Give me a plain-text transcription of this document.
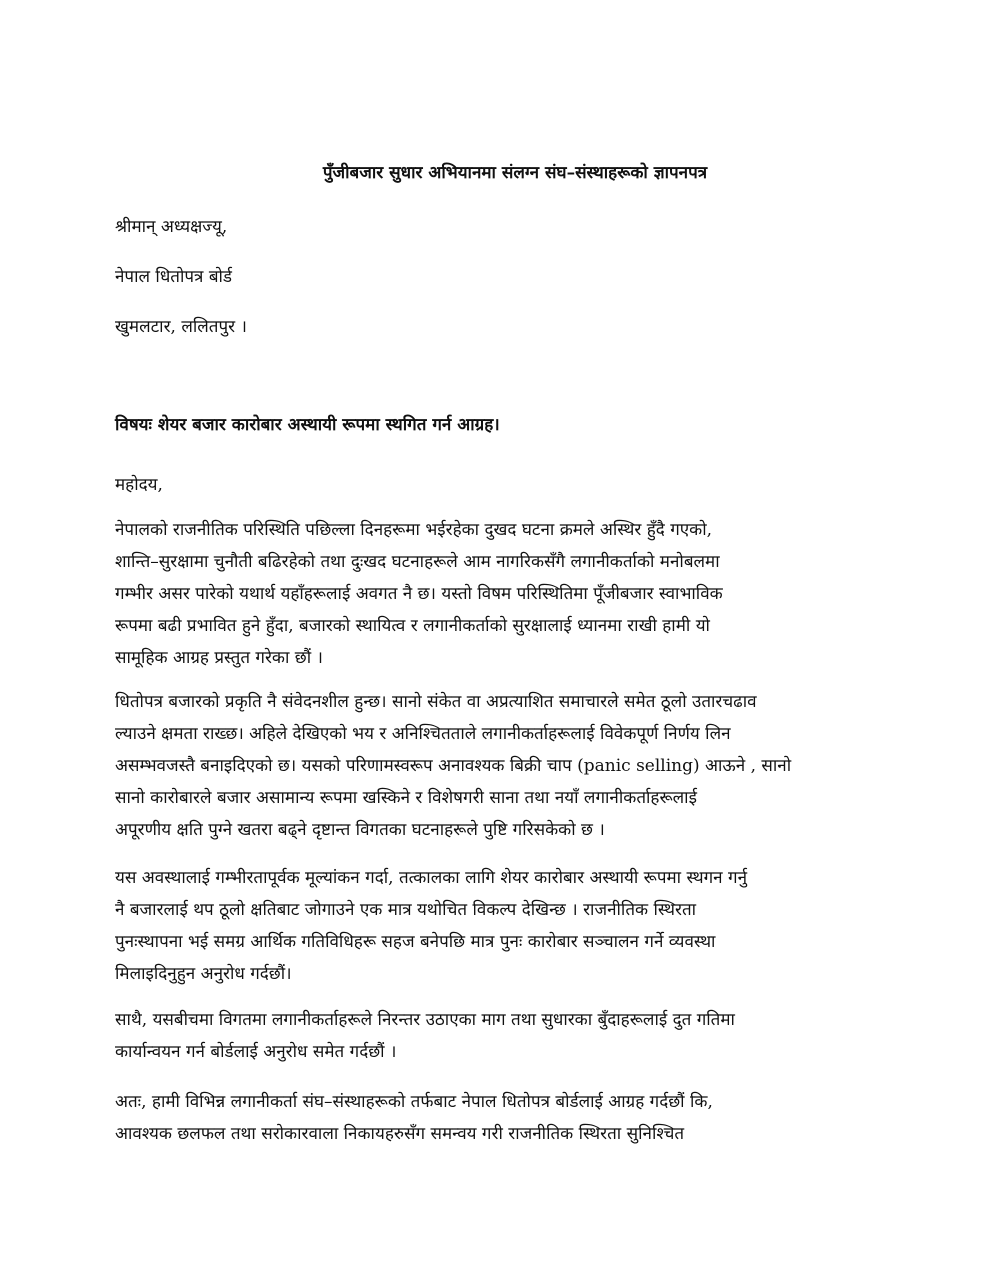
पुँजीबजार सुधार अभियानमा संलग्न संघ–संस्थाहरूको ज्ञापनपत्र
श्रीमान् अध्यक्षज्यू,
नेपाल धितोपत्र बोर्ड
खुमलटार, ललितपुर ।
विषयः शेयर बजार कारोबार अस्थायी रूपमा स्थगित गर्न आग्रह।
महोदय,
नेपालको राजनीतिक परिस्थिति पछिल्ला दिनहरूमा भईरहेका दुखद घटना क्रमले अस्थिर हुँदै गएको,
शान्ति–सुरक्षामा चुनौती बढिरहेको तथा दुःखद घटनाहरूले आम नागरिकसँगै लगानीकर्ताको मनोबलमा
गम्भीर असर पारेको यथार्थ यहाँहरूलाई अवगत नै छ। यस्तो विषम परिस्थितिमा पूँजीबजार स्वाभाविक
रूपमा बढी प्रभावित हुने हुँदा, बजारको स्थायित्व र लगानीकर्ताको सुरक्षालाई ध्यानमा राखी हामी यो
सामूहिक आग्रह प्रस्तुत गरेका छौं ।
धितोपत्र बजारको प्रकृति नै संवेदनशील हुन्छ। सानो संकेत वा अप्रत्याशित समाचारले समेत ठूलो उतारचढाव
ल्याउने क्षमता राख्छ। अहिले देखिएको भय र अनिश्चितताले लगानीकर्ताहरूलाई विवेकपूर्ण निर्णय लिन
असम्भवजस्तै बनाइदिएको छ। यसको परिणामस्वरूप अनावश्यक बिक्री चाप (panic selling) आऊने , सानो
सानो कारोबारले बजार असामान्य रूपमा खस्किने र विशेषगरी साना तथा नयाँ लगानीकर्ताहरूलाई
अपूरणीय क्षति पुग्ने खतरा बढ्ने दृष्टान्त विगतका घटनाहरूले पुष्टि गरिसकेको छ ।
यस अवस्थालाई गम्भीरतापूर्वक मूल्यांकन गर्दा, तत्कालका लागि शेयर कारोबार अस्थायी रूपमा स्थगन गर्नु
नै बजारलाई थप ठूलो क्षतिबाट जोगाउने एक मात्र यथोचित विकल्प देखिन्छ । राजनीतिक स्थिरता
पुनःस्थापना भई समग्र आर्थिक गतिविधिहरू सहज बनेपछि मात्र पुनः कारोबार सञ्चालन गर्ने व्यवस्था
मिलाइदिनुहुन अनुरोध गर्दछौं।
साथै, यसबीचमा विगतमा लगानीकर्ताहरूले निरन्तर उठाएका माग तथा सुधारका बुँदाहरूलाई दुत गतिमा
कार्यान्वयन गर्न बोर्डलाई अनुरोध समेत गर्दछौं ।
अतः, हामी विभिन्न लगानीकर्ता संघ–संस्थाहरूको तर्फबाट नेपाल धितोपत्र बोर्डलाई आग्रह गर्दछौं कि,
आवश्यक छलफल तथा सरोकारवाला निकायहरुसँग समन्वय गरी राजनीतिक स्थिरता सुनिश्चित
